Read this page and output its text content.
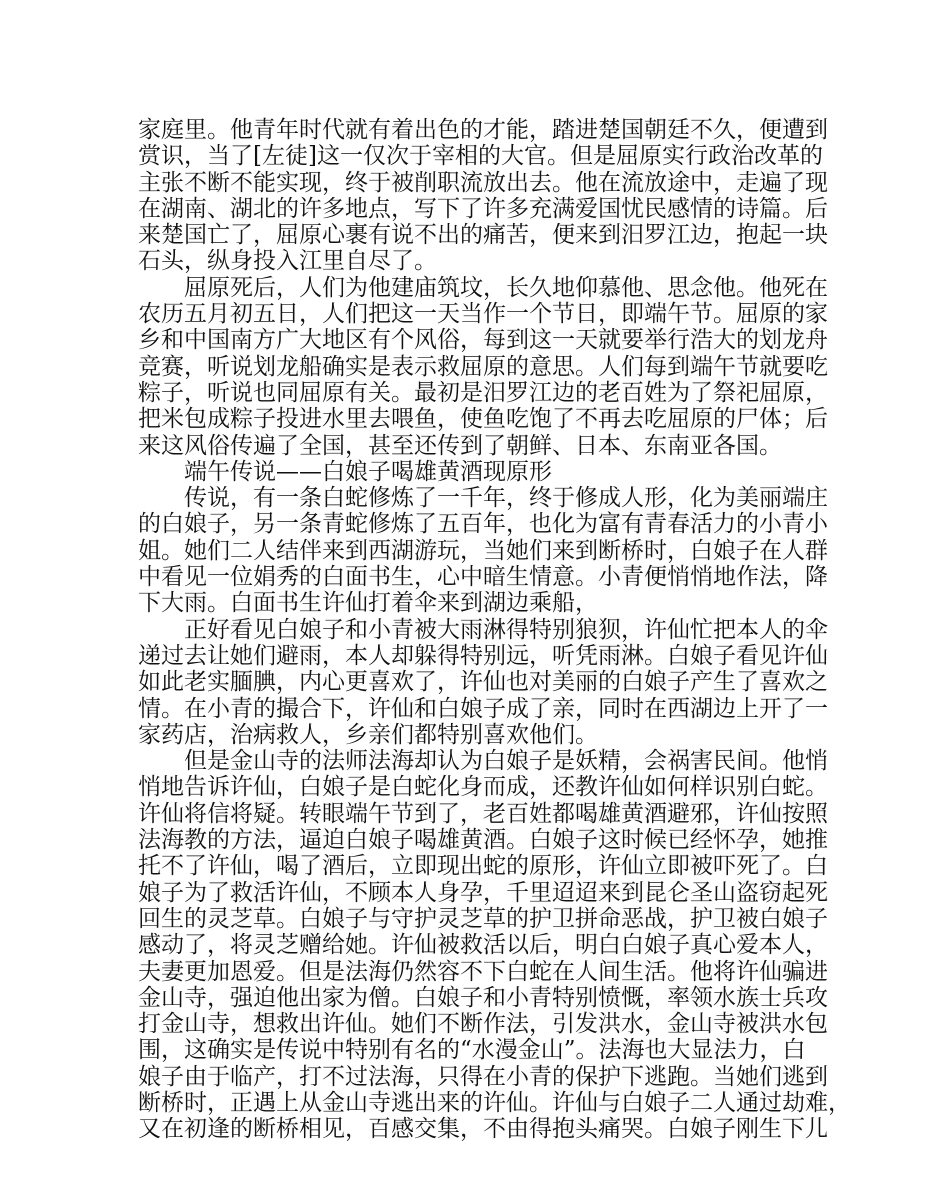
家庭里。他青年时代就有着出色的才能，踏进楚国朝廷不久，便遭到
赏识，当了[左徒]这一仅次于宰相的大官。但是屈原实行政治改革的
主张不断不能实现，终于被削职流放出去。他在流放途中，走遍了现
在湖南、湖北的许多地点，写下了许多充满爱国忧民感情的诗篇。后
来楚国亡了，屈原心裹有说不出的痛苦，便来到汨罗江边，抱起一块
石头，纵身投入江里自尽了。
屈原死后，人们为他建庙筑坟，长久地仰慕他、思念他。他死在
农历五月初五日，人们把这一天当作一个节日，即端午节。屈原的家
乡和中国南方广大地区有个风俗，每到这一天就要举行浩大的划龙舟
竞赛，听说划龙船确实是表示救屈原的意思。人们每到端午节就要吃
粽子，听说也同屈原有关。最初是汨罗江边的老百姓为了祭祀屈原，
把米包成粽子投进水里去喂鱼，使鱼吃饱了不再去吃屈原的尸体；后
来这风俗传遍了全国，甚至还传到了朝鲜、日本、东南亚各国。
端午传说——白娘子喝雄黄酒现原形
传说，有一条白蛇修炼了一千年，终于修成人形，化为美丽端庄
的白娘子，另一条青蛇修炼了五百年，也化为富有青春活力的小青小
姐。她们二人结伴来到西湖游玩，当她们来到断桥时，白娘子在人群
中看见一位娟秀的白面书生，心中暗生情意。小青便悄悄地作法，降
下大雨。白面书生许仙打着伞来到湖边乘船，
正好看见白娘子和小青被大雨淋得特别狼狈，许仙忙把本人的伞
递过去让她们避雨，本人却躲得特别远，听凭雨淋。白娘子看见许仙
如此老实腼腆，内心更喜欢了，许仙也对美丽的白娘子产生了喜欢之
情。在小青的撮合下，许仙和白娘子成了亲，同时在西湖边上开了一
家药店，治病救人，乡亲们都特别喜欢他们。
但是金山寺的法师法海却认为白娘子是妖精，会祸害民间。他悄
悄地告诉许仙，白娘子是白蛇化身而成，还教许仙如何样识别白蛇。
许仙将信将疑。转眼端午节到了，老百姓都喝雄黄酒避邪，许仙按照
法海教的方法，逼迫白娘子喝雄黄酒。白娘子这时候已经怀孕，她推
托不了许仙，喝了酒后，立即现出蛇的原形，许仙立即被吓死了。白
娘子为了救活许仙，不顾本人身孕，千里迢迢来到昆仑圣山盗窃起死
回生的灵芝草。白娘子与守护灵芝草的护卫拼命恶战，护卫被白娘子
感动了，将灵芝赠给她。许仙被救活以后，明白白娘子真心爱本人，
夫妻更加恩爱。但是法海仍然容不下白蛇在人间生活。他将许仙骗进
金山寺，强迫他出家为僧。白娘子和小青特别愤慨，率领水族士兵攻
打金山寺，想救出许仙。她们不断作法，引发洪水，金山寺被洪水包
围，这确实是传说中特别有名的“水漫金山”。法海也大显法力，白
娘子由于临产，打不过法海，只得在小青的保护下逃跑。当她们逃到
断桥时，正遇上从金山寺逃出来的许仙。许仙与白娘子二人通过劫难，
又在初逢的断桥相见，百感交集，不由得抱头痛哭。白娘子刚生下儿
